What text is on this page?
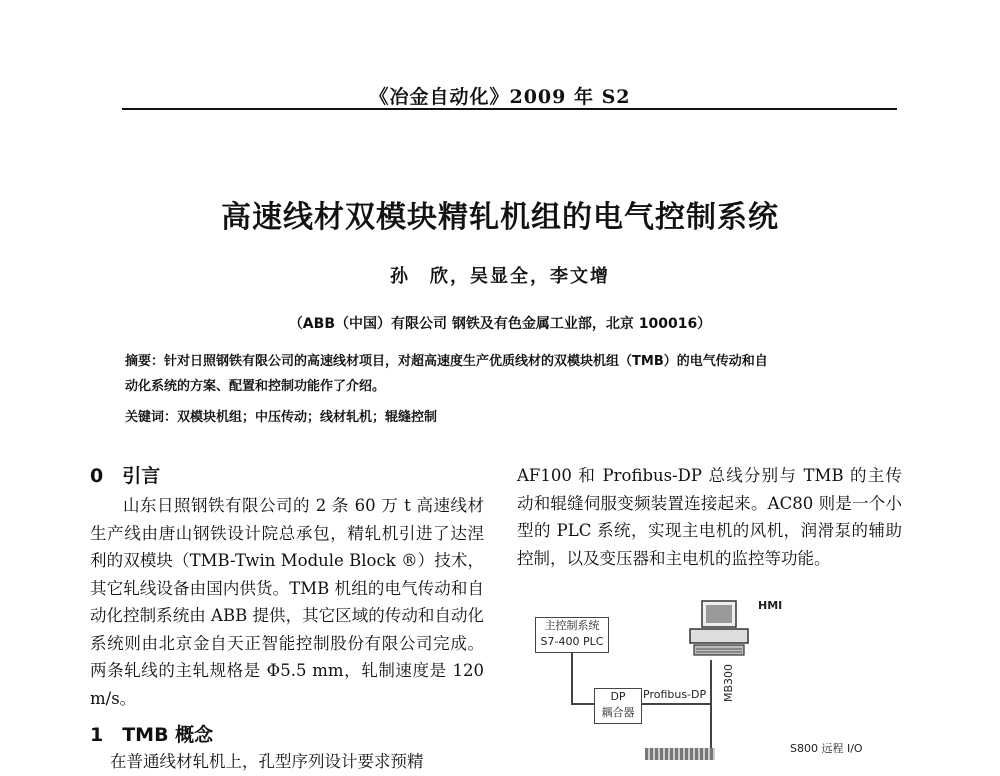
《冶金自动化》2009 年 S2
高速线材双模块精轧机组的电气控制系统
孙　欣，吴显全，李文增
（ABB（中国）有限公司 钢铁及有色金属工业部，北京 100016）
摘要：针对日照钢铁有限公司的高速线材项目，对超高速度生产优质线材的双模块机组（TMB）的电气传动和自
动化系统的方案、配置和控制功能作了介绍。
关键词：双模块机组；中压传动；线材轧机；辊缝控制
0　引言
山东日照钢铁有限公司的 2 条 60 万 t 高速线材生产线由唐山钢铁设计院总承包，精轧机引进了达涅利的双模块（TMB-Twin Module Block ®）技术，其它轧线设备由国内供货。TMB 机组的电气传动和自动化控制系统由 ABB 提供，其它区域的传动和自动化系统则由北京金自天正智能控制股份有限公司完成。两条轧线的主轧规格是 Φ5.5 mm，轧制速度是 120 m/s。
1　TMB 概念
在普通线材轧机上，孔型序列设计要求预精
AF100 和 Profibus-DP 总线分别与 TMB 的主传动和辊缝伺服变频装置连接起来。AC80 则是一个小型的 PLC 系统，实现主电机的风机，润滑泵的辅助控制，以及变压器和主电机的监控等功能。
HMI
主控制系统
S7-400 PLC
DP
耦合器
Profibus-DP MB300
S800 远程 I/O
